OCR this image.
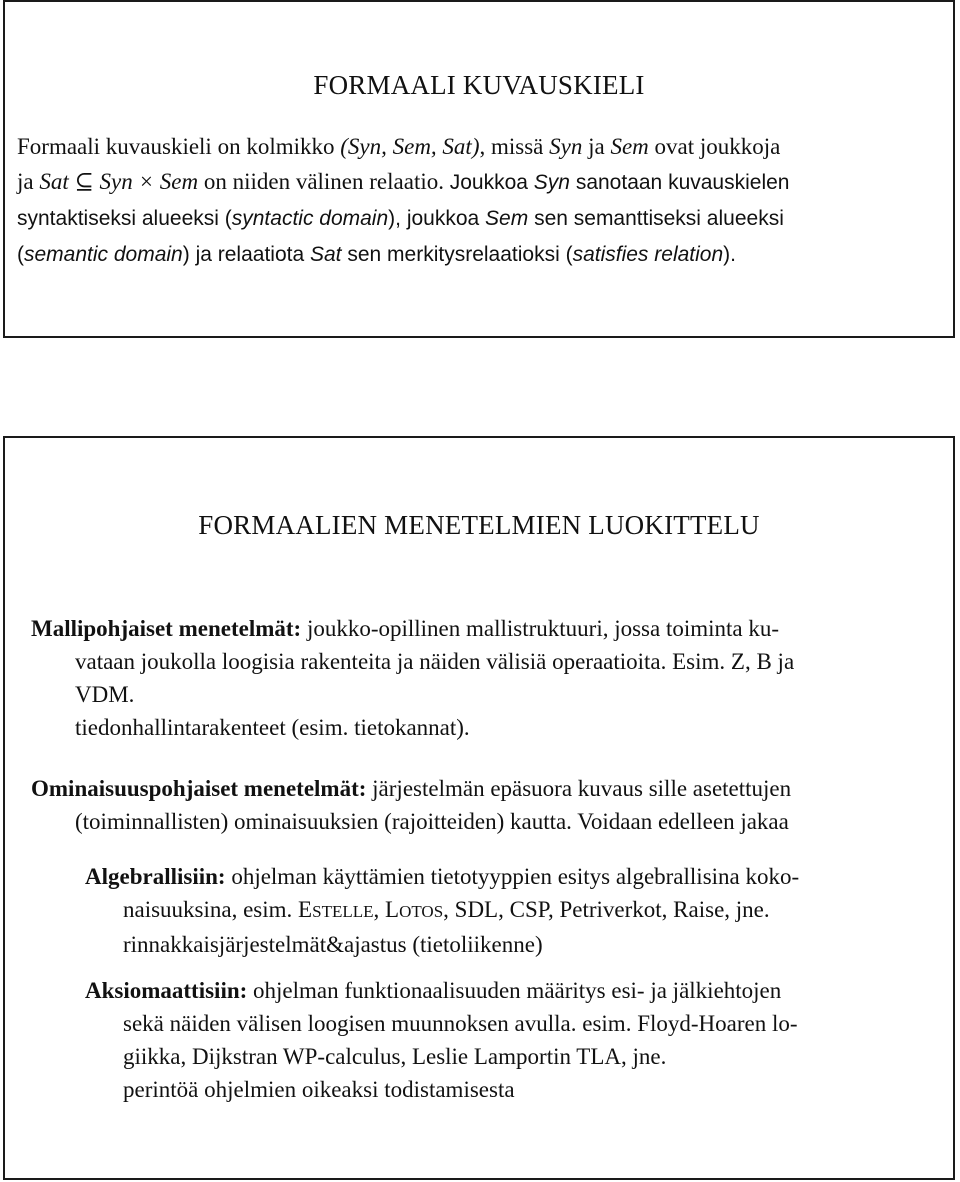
FORMAALI KUVAUSKIELI
Formaali kuvauskieli on kolmikko (Syn, Sem, Sat), missä Syn ja Sem ovat joukkoja
ja Sat ⊆ Syn × Sem on niiden välinen relaatio. Joukkoa Syn sanotaan kuvauskielen
syntaktiseksi alueeksi (syntactic domain), joukkoa Sem sen semanttiseksi alueeksi
(semantic domain) ja relaatiota Sat sen merkitysrelaatioksi (satisfies relation).
FORMAALIEN MENETELMIEN LUOKITTELU
Mallipohjaiset menetelmät: joukko-opillinen mallistruktuuri, jossa toiminta ku-
vataan joukolla loogisia rakenteita ja näiden välisiä operaatioita. Esim. Z, B ja
VDM.
tiedonhallintarakenteet (esim. tietokannat).
Ominaisuuspohjaiset menetelmät: järjestelmän epäsuora kuvaus sille asetettujen
(toiminnallisten) ominaisuuksien (rajoitteiden) kautta. Voidaan edelleen jakaa
Algebrallisiin: ohjelman käyttämien tietotyyppien esitys algebrallisina koko-
naisuuksina, esim. ESTELLE, LOTOS, SDL, CSP, Petriverkot, Raise, jne.
rinnakkaisjärjestelmät&ajastus (tietoliikenne)
Aksiomaattisiin: ohjelman funktionaalisuuden määritys esi- ja jälkiehtojen
sekä näiden välisen loogisen muunnoksen avulla. esim. Floyd-Hoaren lo-
giikka, Dijkstran WP-calculus, Leslie Lamportin TLA, jne.
perintöä ohjelmien oikeaksi todistamisesta
